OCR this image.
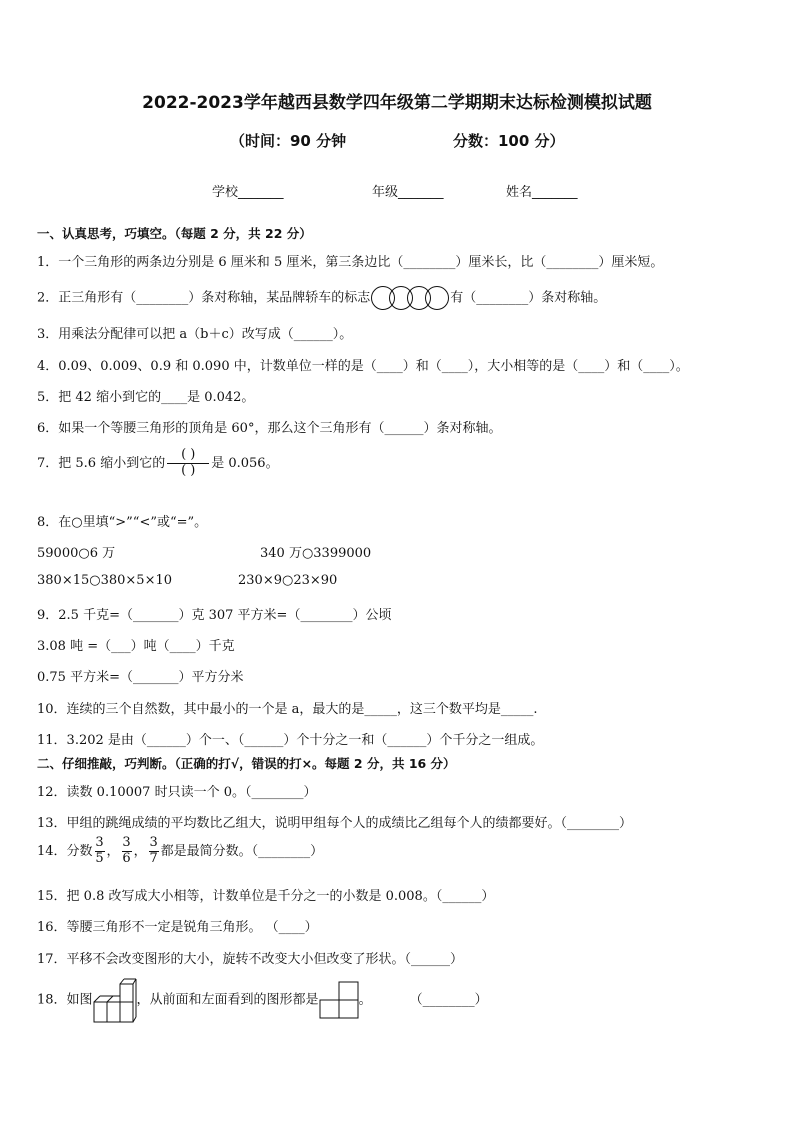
2022-2023学年越西县数学四年级第二学期期末达标检测模拟试题
（时间：90 分钟	分数：100 分）
学校_______	年级_______	姓名_______
一、认真思考，巧填空。（每题 2 分，共 22 分）
1．一个三角形的两条边分别是 6 厘米和 5 厘米，第三条边比（________）厘米长，比（________）厘米短。
2．正三角形有（________）条对称轴，某品牌轿车的标志	有（________）条对称轴。
3．用乘法分配律可以把 a（b＋c）改写成（______）。
4．0.09、0.009、0.9 和 0.090 中，计数单位一样的是（____）和（____），大小相等的是（____）和（____）。
5．把 42 缩小到它的____是 0.042。
6．如果一个等腰三角形的顶角是 60°，那么这个三角形有（______）条对称轴。
7．把 5.6 缩小到它的 $\frac{( )}{( )}$ 是 0.056。
8．在○里填“>”“<”或“=”。
59000○6 万	340 万○3399000
380×15○380×5×10	230×9○23×90
9．2.5 千克=（_______）克 307 平方米=（________）公顷
3.08 吨 =（___）吨（____）千克
0.75 平方米=（_______）平方分米
10．连续的三个自然数，其中最小的一个是 a，最大的是_____，这三个数平均是_____.
11．3.202 是由（______）个一、（______）个十分之一和（______）个千分之一组成。
二、仔细推敲，巧判断。（正确的打√，错误的打×。每题 2 分，共 16 分）
12．读数 0.10007 时只读一个 0。（________）
13．甲组的跳绳成绩的平均数比乙组大，说明甲组每个人的成绩比乙组每个人的绩都要好。（________）
14．分数 $\frac{3}{5}$ ， $\frac{3}{6}$ ， $\frac{3}{7}$ 都是最简分数。（________）
15．把 0.8 改写成大小相等，计数单位是千分之一的小数是 0.008。（______）
16．等腰三角形不一定是锐角三角形。 （____）
17．平移不会改变图形的大小，旋转不改变大小但改变了形状。（______）
18．如图	，从前面和左面看到的图形都是	。	（________）
